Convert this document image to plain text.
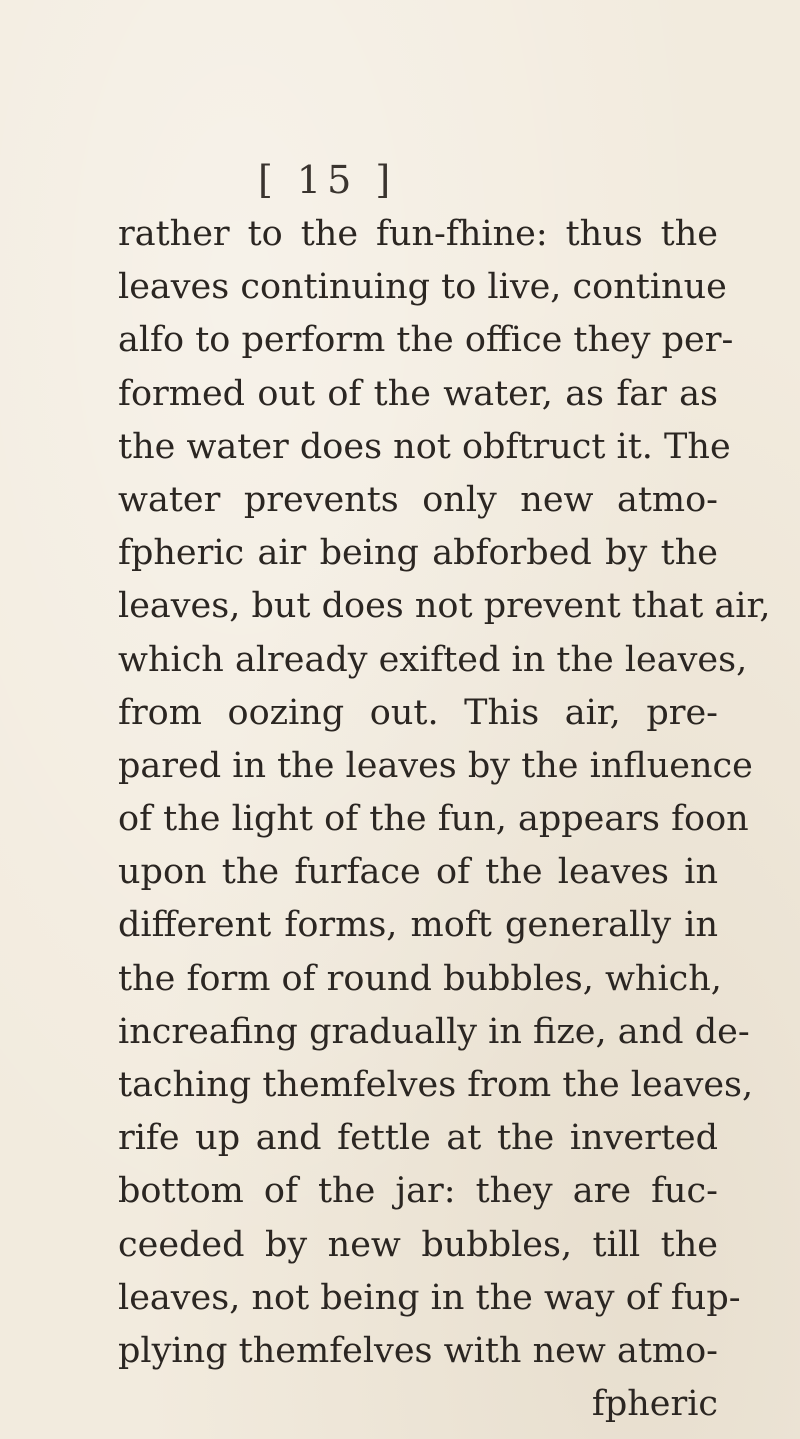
[ 15 ]
rather to the fun-fhine: thus the
leaves continuing to live, continue
alfo to perform the office they per-
formed out of the water, as far as
the water does not obftruct it. The
water prevents only new atmo-
fpheric air being abforbed by the
leaves, but does not prevent that air,
which already exifted in the leaves,
from oozing out. This air, pre-
pared in the leaves by the influence
of the light of the fun, appears foon
upon the furface of the leaves in
different forms, moft generally in
the form of round bubbles, which,
increafing gradually in fize, and de-
taching themfelves from the leaves,
rife up and fettle at the inverted
bottom of the jar: they are fuc-
ceeded by new bubbles, till the
leaves, not being in the way of fup-
plying themfelves with new atmo-
fpheric
